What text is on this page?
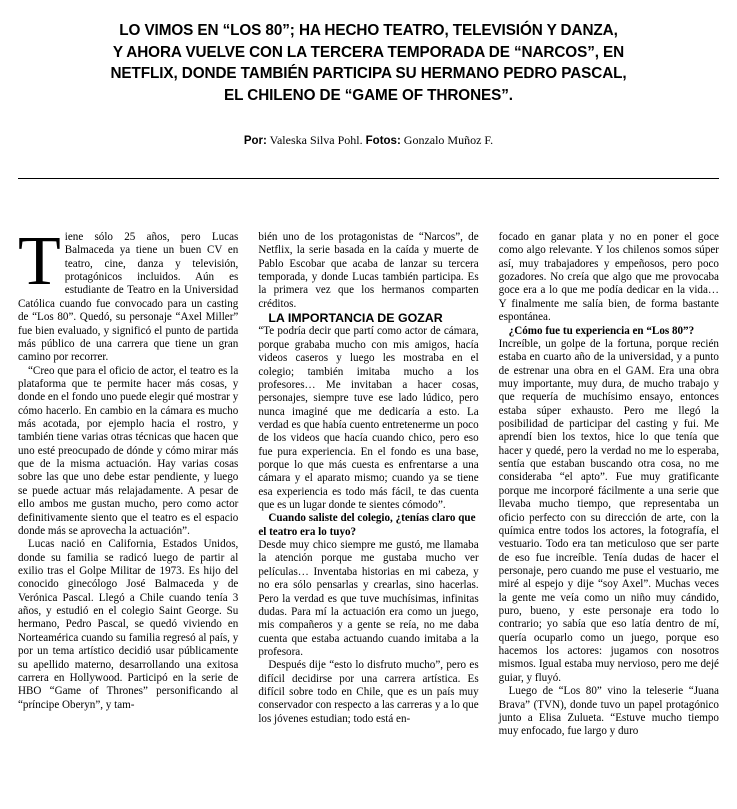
LO VIMOS EN “LOS 80”; HA HECHO TEATRO, TELEVISIÓN Y DANZA,
Y AHORA VUELVE CON LA TERCERA TEMPORADA DE “NARCOS”, EN
NETFLIX, DONDE TAMBIÉN PARTICIPA SU HERMANO PEDRO PASCAL,
EL CHILENO DE “GAME OF THRONES”.
Por: Valeska Silva Pohl. Fotos: Gonzalo Muñoz F.

Tiene sólo 25 años, pero Lucas Balmaceda ya tiene un buen CV en teatro, cine, danza y televisión, protagónicos incluidos. Aún es estudiante de Teatro en la Universidad Católica cuando fue convocado para un casting de “Los 80”. Quedó, su personaje “Axel Miller” fue bien evaluado, y significó el punto de partida más público de una carrera que tiene un gran camino por recorrer.

“Creo que para el oficio de actor, el teatro es la plataforma que te permite hacer más cosas, y donde en el fondo uno puede elegir qué mostrar y cómo hacerlo. En cambio en la cámara es mucho más acotada, por ejemplo hacia el rostro, y también tiene varias otras técnicas que hacen que uno esté preocupado de dónde y cómo mirar más que de la misma actuación. Hay varias cosas sobre las que uno debe estar pendiente, y luego se puede actuar más relajadamente. A pesar de ello ambos me gustan mucho, pero como actor definitivamente siento que el teatro es el espacio donde más se aprovecha la actuación”.

Lucas nació en California, Estados Unidos, donde su familia se radicó luego de partir al exilio tras el Golpe Militar de 1973. Es hijo del conocido ginecólogo José Balmaceda y de Verónica Pascal. Llegó a Chile cuando tenía 3 años, y estudió en el colegio Saint George. Su hermano, Pedro Pascal, se quedó viviendo en Norteamérica cuando su familia regresó al país, y por un tema artístico decidió usar públicamente su apellido materno, desarrollando una exitosa carrera en Hollywood. Participó en la serie de HBO “Game of Thrones” personificando al “príncipe Oberyn”, y tam-

bién uno de los protagonistas de “Narcos”, de Netflix, la serie basada en la caída y muerte de Pablo Escobar que acaba de lanzar su tercera temporada, y donde Lucas también participa. Es la primera vez que los hermanos comparten créditos.

LA IMPORTANCIA DE GOZAR

“Te podría decir que partí como actor de cámara, porque grababa mucho con mis amigos, hacía videos caseros y luego les mostraba en el colegio; también imitaba mucho a los profesores… Me invitaban a hacer cosas, personajes, siempre tuve ese lado lúdico, pero nunca imaginé que me dedicaría a esto. La verdad es que había cuento entretenerme un poco de los videos que hacía cuando chico, pero eso fue pura experiencia. En el fondo es una base, porque lo que más cuesta es enfrentarse a una cámara y el aparato mismo; cuando ya se tiene esa experiencia es todo más fácil, te das cuenta que es un lugar donde te sientes cómodo”.

Cuando saliste del colegio, ¿tenías claro que el teatro era lo tuyo?

Desde muy chico siempre me gustó, me llamaba la atención porque me gustaba mucho ver películas… Inventaba historias en mi cabeza, y no era sólo pensarlas y crearlas, sino hacerlas. Pero la verdad es que tuve muchísimas, infinitas dudas. Para mí la actuación era como un juego, mis compañeros y a gente se reía, no me daba cuenta que estaba actuando cuando imitaba a la profesora.

Después dije “esto lo disfruto mucho”, pero es difícil decidirse por una carrera artística. Es difícil sobre todo en Chile, que es un país muy conservador con respecto a las carreras y a lo que los jóvenes estudian; todo está en-

focado en ganar plata y no en poner el goce como algo relevante. Y los chilenos somos súper así, muy trabajadores y empeñosos, pero poco gozadores. No creía que algo que me provocaba goce era a lo que me podía dedicar en la vida… Y finalmente me salía bien, de forma bastante espontánea.

¿Cómo fue tu experiencia en “Los 80”?

Increíble, un golpe de la fortuna, porque recién estaba en cuarto año de la universidad, y a punto de estrenar una obra en el GAM. Era una obra muy importante, muy dura, de mucho trabajo y que requería de muchísimo ensayo, entonces estaba súper exhausto. Pero me llegó la posibilidad de participar del casting y fui. Me aprendí bien los textos, hice lo que tenía que hacer y quedé, pero la verdad no me lo esperaba, sentía que estaban buscando otra cosa, no me consideraba “el apto”. Fue muy gratificante porque me incorporé fácilmente a una serie que llevaba mucho tiempo, que representaba un oficio perfecto con su dirección de arte, con la química entre todos los actores, la fotografía, el vestuario. Todo era tan meticuloso que ser parte de eso fue increíble. Tenía dudas de hacer el personaje, pero cuando me puse el vestuario, me miré al espejo y dije “soy Axel”. Muchas veces la gente me veía como un niño muy cándido, puro, bueno, y este personaje era todo lo contrario; yo sabía que eso latía dentro de mí, quería ocuparlo como un juego, porque eso hacemos los actores: jugamos con nosotros mismos. Igual estaba muy nervioso, pero me dejé guiar, y fluyó.

Luego de “Los 80” vino la teleserie “Juana Brava” (TVN), donde tuvo un papel protagónico junto a Elisa Zulueta. “Estuve mucho tiempo muy enfocado, fue largo y duro
